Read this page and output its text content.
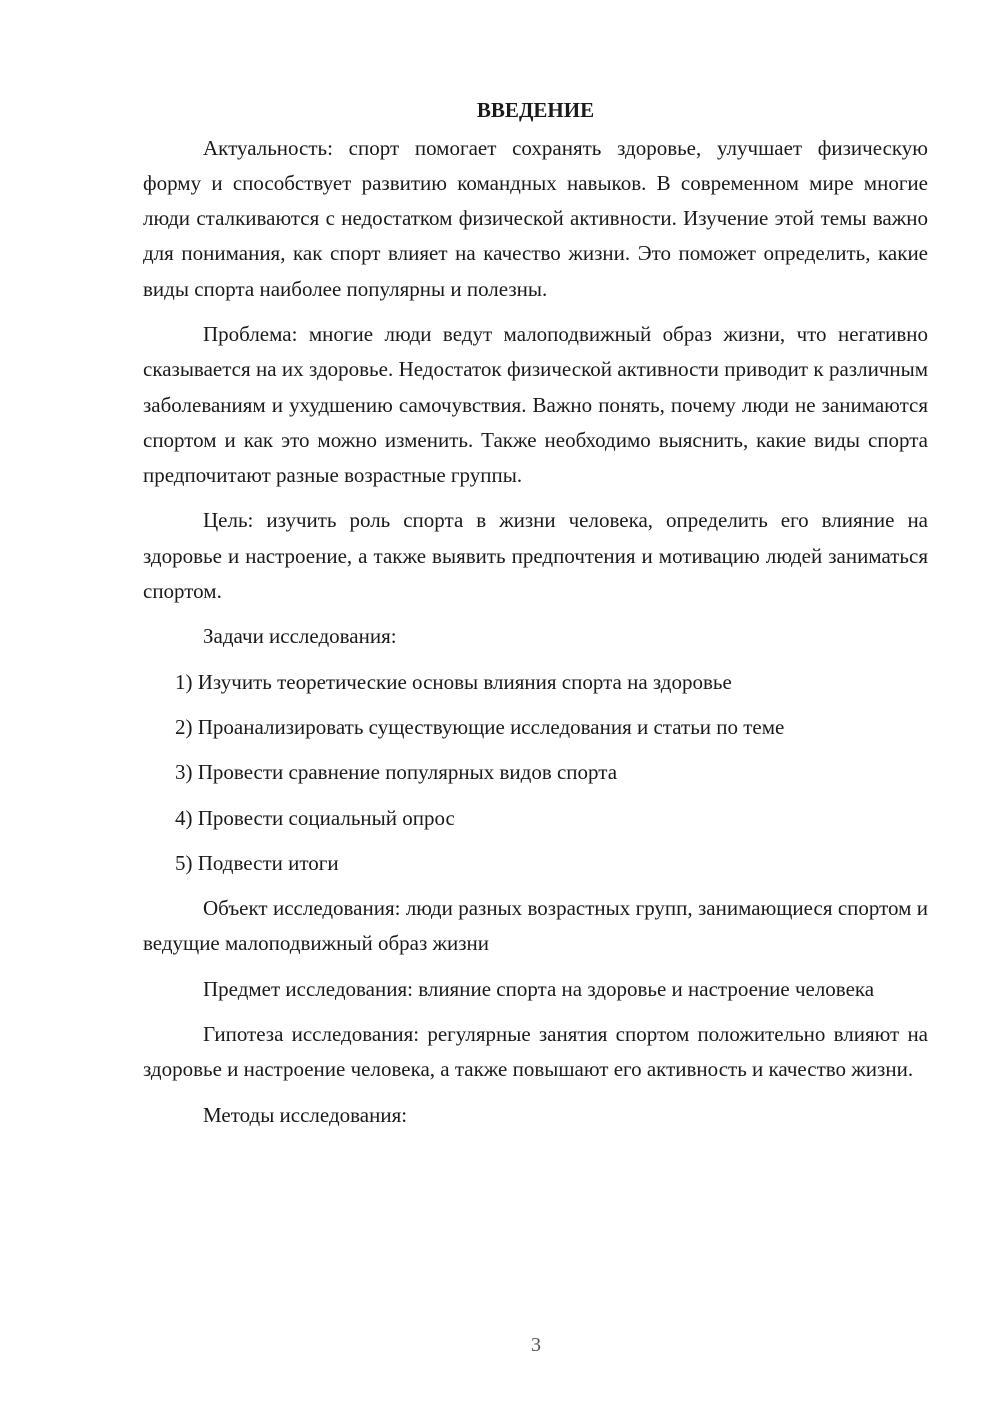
ВВЕДЕНИЕ

Актуальность: спорт помогает сохранять здоровье, улучшает физическую форму и способствует развитию командных навыков. В современном мире многие люди сталкиваются с недостатком физической активности. Изучение этой темы важно для понимания, как спорт влияет на качество жизни. Это поможет определить, какие виды спорта наиболее популярны и полезны.

Проблема: многие люди ведут малоподвижный образ жизни, что негативно сказывается на их здоровье. Недостаток физической активности приводит к различным заболеваниям и ухудшению самочувствия. Важно понять, почему люди не занимаются спортом и как это можно изменить. Также необходимо выяснить, какие виды спорта предпочитают разные возрастные группы.

Цель: изучить роль спорта в жизни человека, определить его влияние на здоровье и настроение, а также выявить предпочтения и мотивацию людей заниматься спортом.

Задачи исследования:

1) Изучить теоретические основы влияния спорта на здоровье
2) Проанализировать существующие исследования и статьи по теме
3) Провести сравнение популярных видов спорта
4) Провести социальный опрос
5) Подвести итоги

Объект исследования: люди разных возрастных групп, занимающиеся спортом и ведущие малоподвижный образ жизни

Предмет исследования: влияние спорта на здоровье и настроение человека

Гипотеза исследования: регулярные занятия спортом положительно влияют на здоровье и настроение человека, а также повышают его активность и качество жизни.

Методы исследования:

3
